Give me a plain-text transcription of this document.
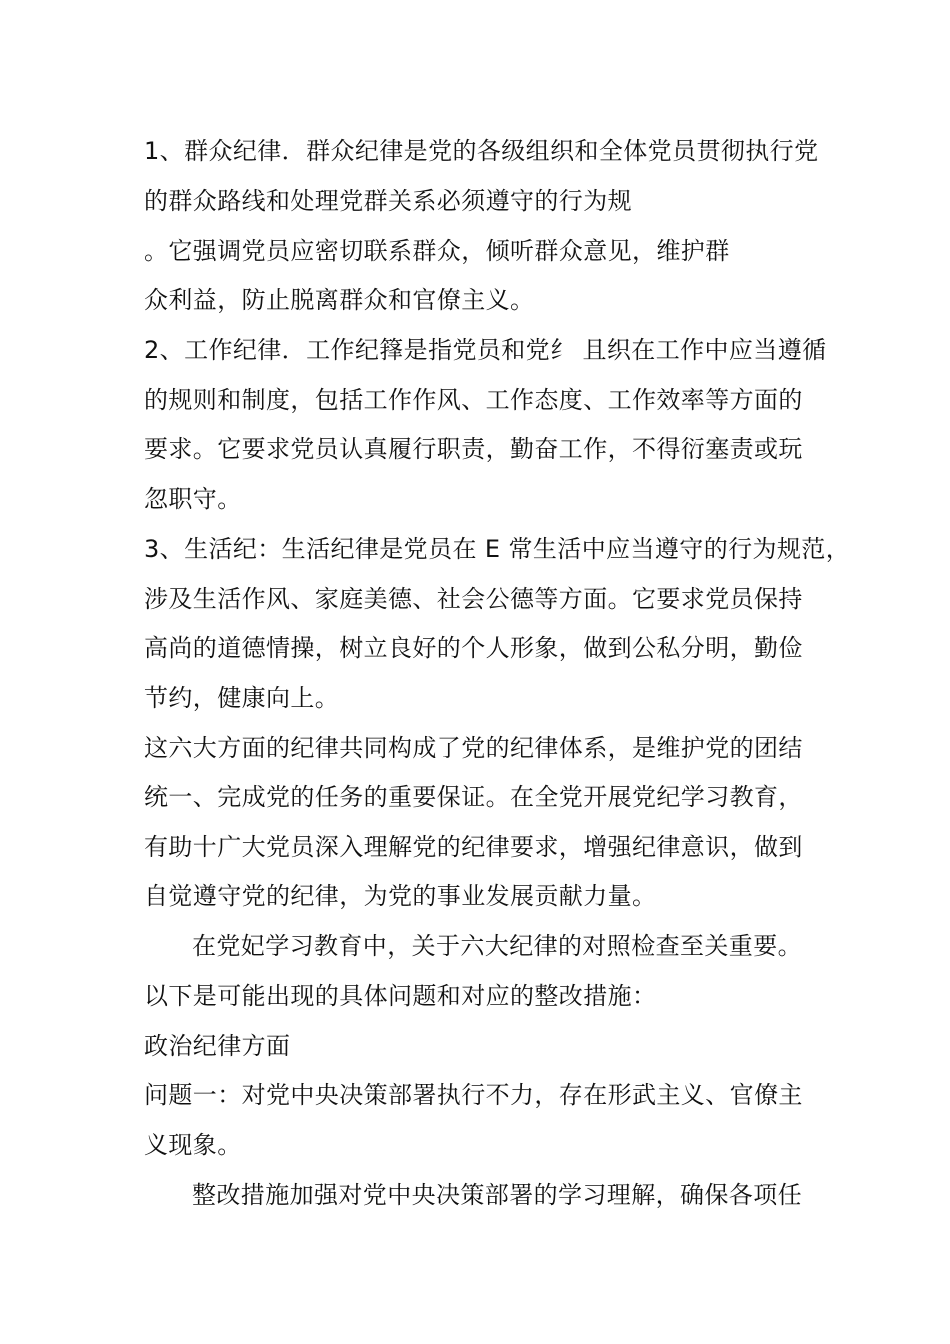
1、群众纪律．群众纪律是党的各级组织和全体党员贯彻执行党
的群众路线和处理党群关系必须遵守的行为规
。它强调党员应密切联系群众，倾听群众意见，维护群
众利益，防止脱离群众和官僚主义。
2、工作纪律．工作纪箨是指党员和党纟 且织在工作中应当遵循
的规则和制度，包括工作作风、工作态度、工作效率等方面的
要求。它要求党员认真履行职责，勤奋工作，不得衍塞责或玩
忽职守。
3、生活纪：生活纪律是党员在 E 常生活中应当遵守的行为规范，
涉及生活作风、家庭美德、社会公德等方面。它要求党员保持
高尚的道德情操，树立良好的个人形象，做到公私分明，勤俭
节约，健康向上。
这六大方面的纪律共同构成了党的纪律体系，是维护党的团结
统一、完成党的任务的重要保证。在全党开展党纪学习教育，
有助十广大党员深入理解党的纪律要求，增强纪律意识，做到
自觉遵守党的纪律，为党的事业发展贡献力量。
在党妃学习教育中，关于六大纪律的对照检查至关重要。
以下是可能出现的具体问题和对应的整改措施：
政治纪律方面
问题一：对党中央决策部署执行不力，存在形武主义、官僚主
义现象。
整改措施加强对党中央决策部署的学习理解，确保各项任
